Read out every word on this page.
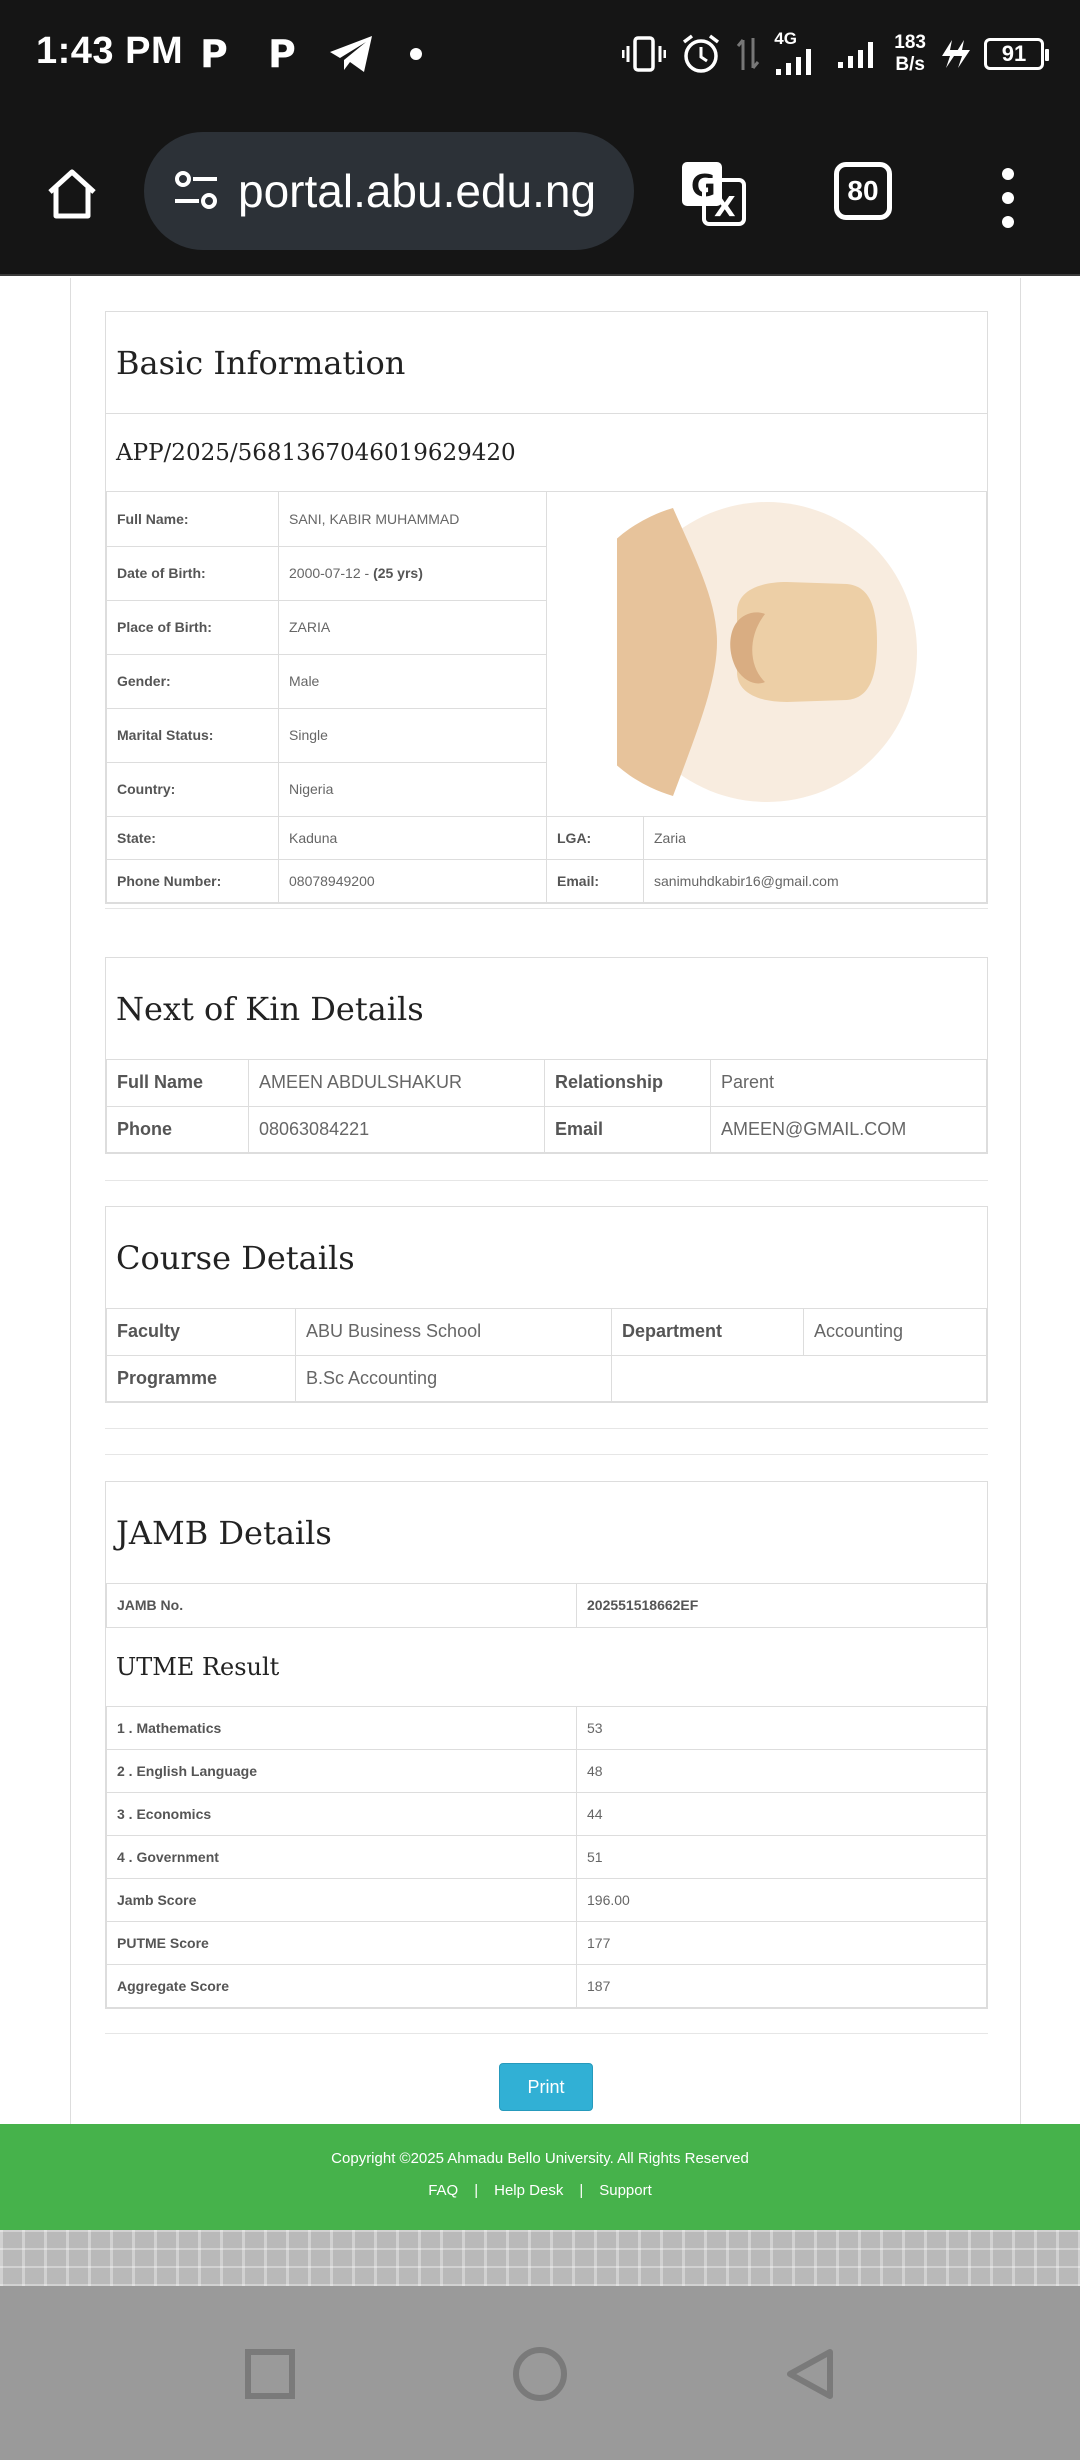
1:43 PM P P	4G	183
B/s	91
portal.abu.edu.ng	G
X	80
Basic Information
APP/2025/5681367046019629420
Full Name:	SANI, KABIR MUHAMMAD	
Date of Birth:	2000-07-12 - (25 yrs)		
Place of Birth:	ZARIA		
Gender:	Male		
Marital Status:	Single		
Country:	Nigeria		
State:	Kaduna	LGA:	Zaria
Phone Number:	08078949200	Email:	sanimuhdkabir16@gmail.com
Next of Kin Details
Full Name	AMEEN ABDULSHAKUR	Relationship	Parent
Phone	08063084221	Email	AMEEN@GMAIL.COM
Course Details
Faculty	ABU Business School	Department	Accounting
Programme	B.Sc Accounting		
JAMB Details
JAMB No.	202551518662EF
UTME Result
1 . Mathematics	53
2 . English Language	48
3 . Economics	44
4 . Government	51
Jamb Score	196.00
PUTME Score	177
Aggregate Score	187
Print
Copyright ©2025 Ahmadu Bello University. All Rights Reserved
FAQ | Help Desk | Support
